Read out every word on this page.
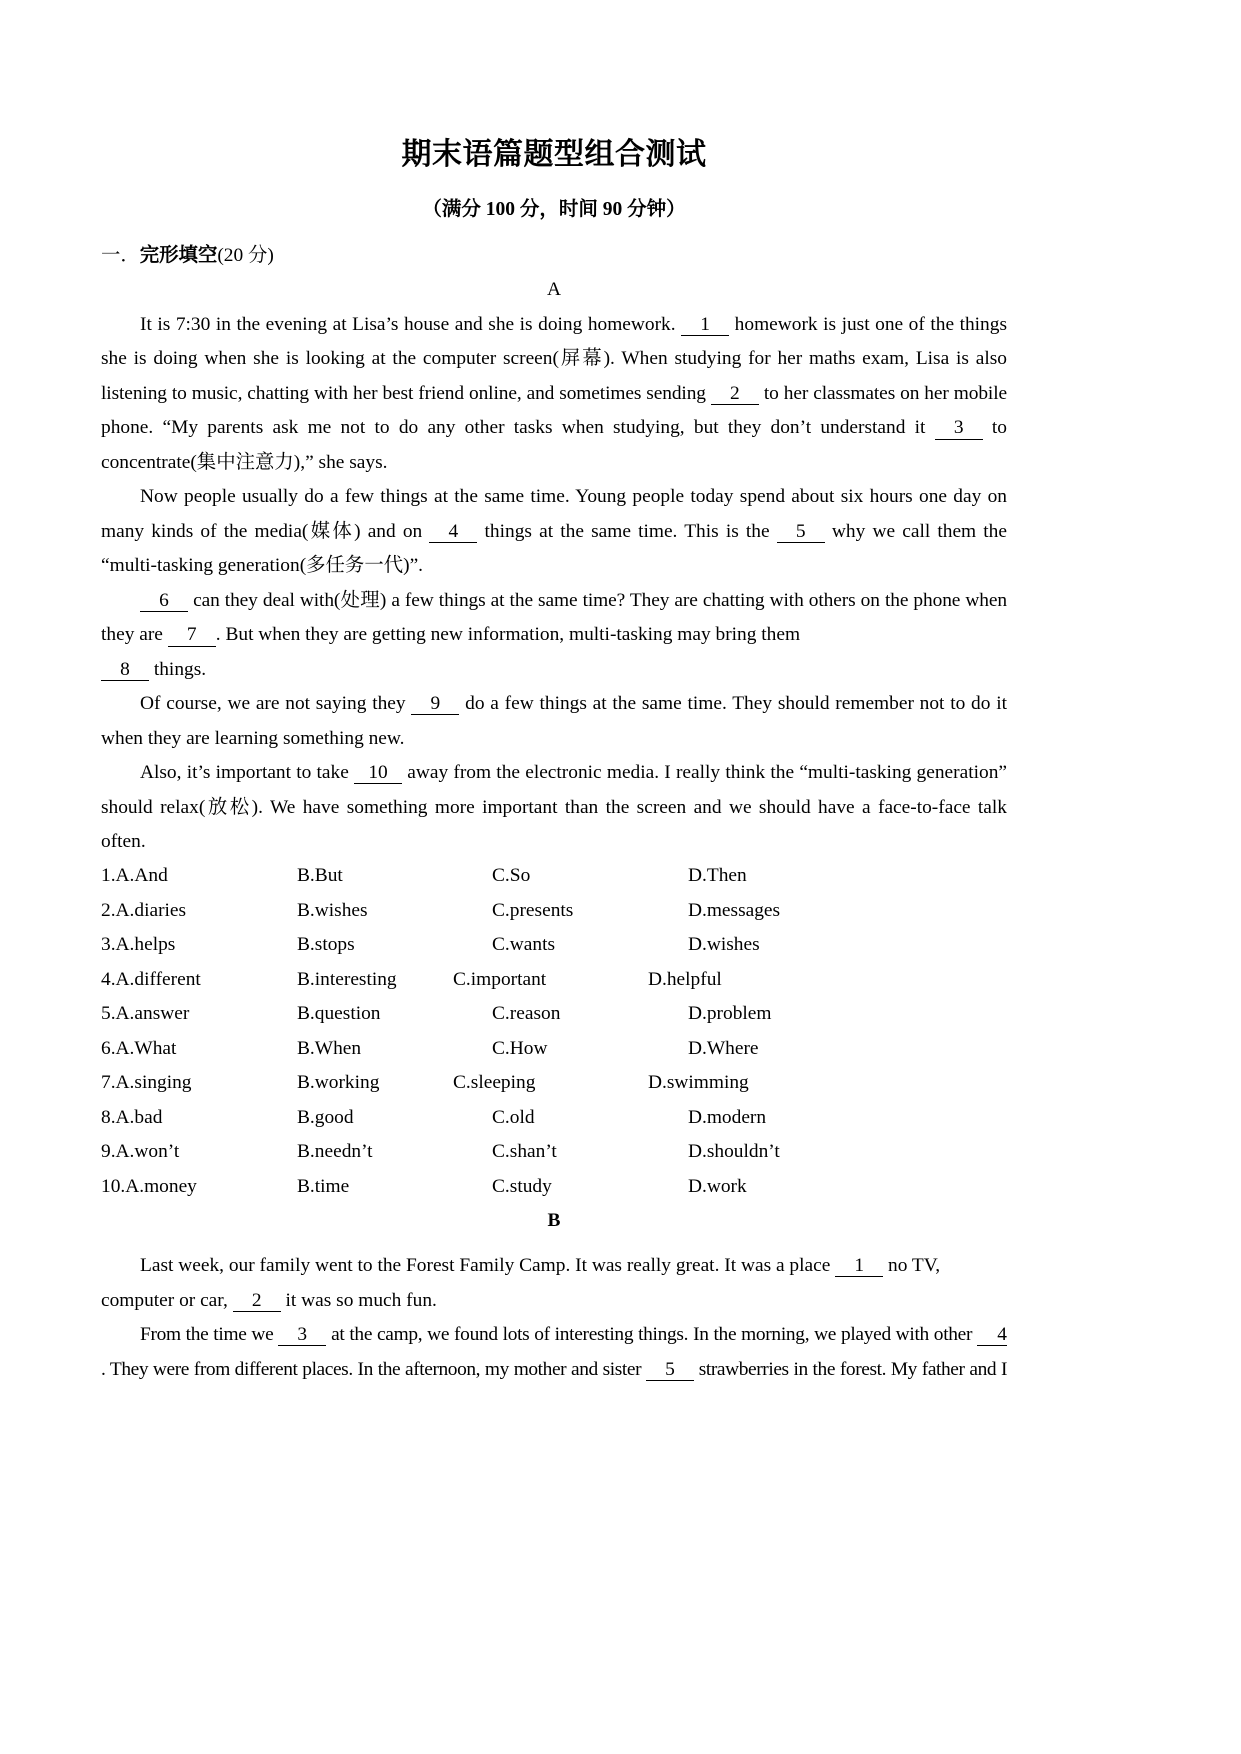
期末语篇题型组合测试
（满分 100 分，时间 90 分钟）
一．完形填空(20 分)
A
It is 7:30 in the evening at Lisa’s house and she is doing homework. 1 homework is just one of the things
she is doing when she is looking at the computer screen(屏幕). When studying for her maths exam, Lisa is also
listening to music, chatting with her best friend online, and sometimes sending 2 to her classmates on her mobile
phone. “My parents ask me not to do any other tasks when studying, but they don’t understand it 3 to
concentrate(集中注意力),” she says.
Now people usually do a few things at the same time. Young people today spend about six hours one day on
many kinds of the media(媒体) and on 4 things at the same time. This is the 5 why we call them the
“multi-tasking generation(多任务一代)”.
6 can they deal with(处理) a few things at the same time? They are chatting with others on the phone when
they are 7 . But when they are getting new information, multi-tasking may bring them
8 things.
Of course, we are not saying they 9 do a few things at the same time. They should remember not to do it
when they are learning something new.
Also, it’s important to take 10 away from the electronic media. I really think the “multi-tasking generation”
should relax(放松). We have something more important than the screen and we should have a face-to-face talk
often.
1.A.And	B.But	C.So	D.Then
2.A.diaries	B.wishes	C.presents	D.messages
3.A.helps	B.stops	C.wants	D.wishes
4.A.different	B.interesting	C.important	D.helpful
5.A.answer	B.question	C.reason	D.problem
6.A.What	B.When	C.How	D.Where
7.A.singing	B.working	C.sleeping	D.swimming
8.A.bad	B.good	C.old	D.modern
9.A.won’t	B.needn’t	C.shan’t	D.shouldn’t
10.A.money	B.time	C.study	D.work
B
Last week, our family went to the Forest Family Camp. It was really great. It was a place 1 no TV,
computer or car, 2 it was so much fun.
From the time we 3 at the camp, we found lots of interesting things. In the morning, we played with other 4
. They were from different places. In the afternoon, my mother and sister 5 strawberries in the forest. My father and I
